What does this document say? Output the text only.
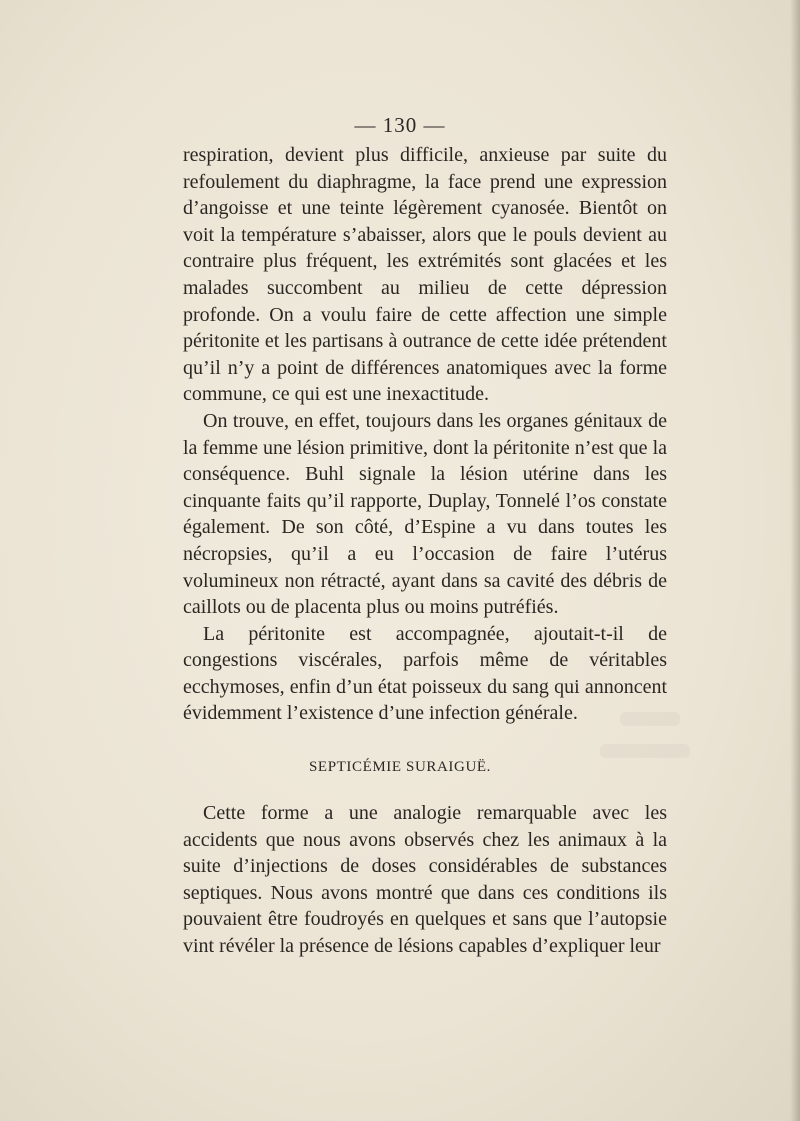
— 130 —

respiration, devient plus difficile, anxieuse par suite du refoulement du diaphragme, la face prend une expression d’angoisse et une teinte légèrement cyanosée. Bientôt on voit la température s’abaisser, alors que le pouls devient au contraire plus fréquent, les extrémités sont glacées et les malades succombent au milieu de cette dépression profonde. On a voulu faire de cette affection une simple péritonite et les partisans à outrance de cette idée prétendent qu’il n’y a point de différences anatomiques avec la forme commune, ce qui est une inexactitude.

On trouve, en effet, toujours dans les organes génitaux de la femme une lésion primitive, dont la péritonite n’est que la conséquence. Buhl signale la lésion utérine dans les cinquante faits qu’il rapporte, Duplay, Tonnelé l’os constate également. De son côté, d’Espine a vu dans toutes les nécropsies, qu’il a eu l’occasion de faire l’utérus volumineux non rétracté, ayant dans sa cavité des débris de caillots ou de placenta plus ou moins putréfiés.

La péritonite est accompagnée, ajoutait-t-il de congestions viscérales, parfois même de véritables ecchymoses, enfin d’un état poisseux du sang qui annoncent évidemment l’existence d’une infection générale.

SEPTICÉMIE SURAIGUË.

Cette forme a une analogie remarquable avec les accidents que nous avons observés chez les animaux à la suite d’injections de doses considérables de substances septiques. Nous avons montré que dans ces conditions ils pouvaient être foudroyés en quelques et sans que l’autopsie vint révéler la présence de lésions capables d’expliquer leur
